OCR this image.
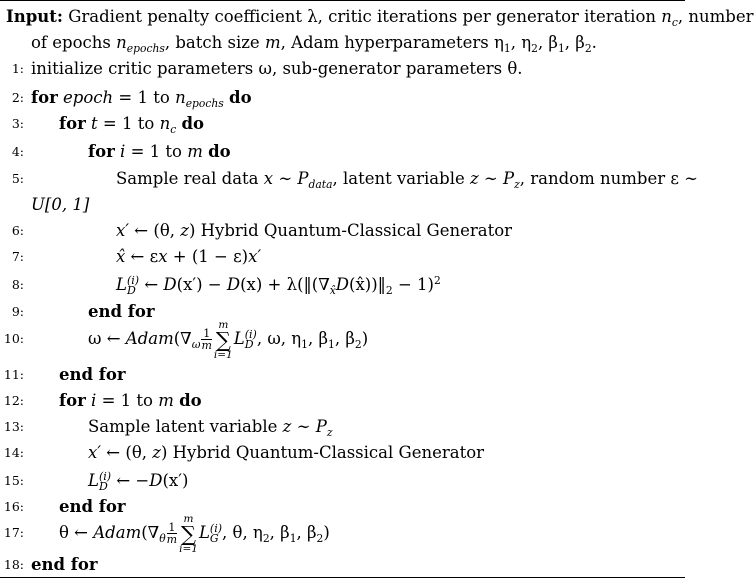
Input: Gradient penalty coefficient λ, critic iterations per generator iteration $n_c$, number
of epochs $n_{epochs}$, batch size m, Adam hyperparameters $\eta_1$, $\eta_2$, $\beta_1$, $\beta_2$.
1: initialize critic parameters ω, sub-generator parameters θ.
2: for epoch = 1 to $n_{epochs}$ do
3: for t = 1 to $n_c$ do
4:	for i = 1 to m do
5:	Sample real data x ∼ $P_{data}$, latent variable z ∼ $P_z$, random number ε ∼
U[0, 1]
6:	x′ ← (θ, z) Hybrid Quantum-Classical Generator
7:	x̂ ← εx + (1 − ε)x′
8:	L (i)
D ← $D(x') - D(x) + \lambda(‖(\nabla_{x̂}D(x̂))‖_2 - 1)^2$
9:	end for
10:	ω ← $Adam(\nabla_\omega \frac{1}{m}$
m
∑
i=1
L (i)
D , ω, $\eta_1$, $\beta_1$, $\beta_2$)
11: end for
12: for i = 1 to m do
13:	Sample latent variable z ∼ $P_z$
14:	x′ ← (θ, z) Hybrid Quantum-Classical Generator
15:	L (i)
D ← −D(x′)
16: end for
17: θ ← $Adam(\nabla_\theta \frac{1}{m}$
m
∑
i=1
L (i)
G , θ, $\eta_2$, $\beta_1$, $\beta_2$)
18: end for
